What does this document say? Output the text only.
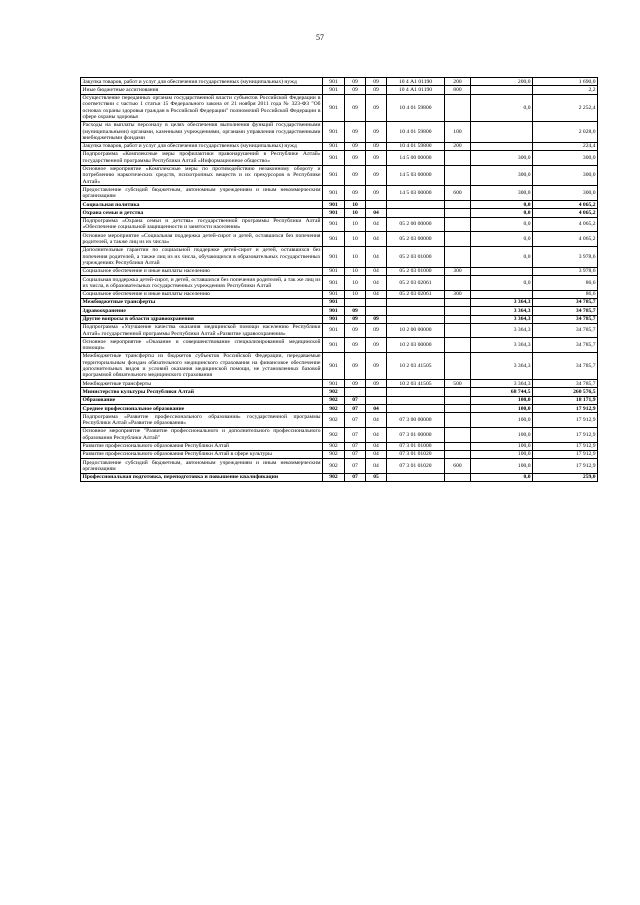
57
Закупка товаров, работ и услуг для обеспечения государственных (муниципальных) нужд	901	09	09	10 4 А1 01190	200	200,0	1 690,0
Иные бюджетные ассигнования	901	09	09	10 4 А1 01190	800		2,2
Осуществление переданных органам государственной власти субъектов Российской Федерации в соответствии с частью 1 статьи 15 Федерального закона от 21 ноября 2011 года № 323-ФЗ "Об основах охраны здоровья граждан в Российской Федерации" полномочий Российской Федерации в сфере охраны здоровья	901	09	09	10 4 01 59800		0,0	2 252,4
Расходы на выплаты персоналу в целях обеспечения выполнения функций государственными (муниципальными) органами, казенными учреждениями, органами управления государственными внебюджетными фондами	901	09	09	10 4 01 59800	100		2 028,0
Закупка товаров, работ и услуг для обеспечения государственных (муниципальных) нужд	901	09	09	10 4 01 59800	200		224,4
Подпрограмма «Комплексные меры профилактики правонарушений в Республике Алтай» государственной программы Республики Алтай «Информационное общество»	901	09	09	14 5 00 00000		300,0	300,0
Основное мероприятие «Комплексные меры по противодействию незаконному обороту и потреблению наркотических средств, психотропных веществ и их прекурсоров в Республике Алтай»	901	09	09	14 5 03 00000		300,0	300,0
Предоставление субсидий бюджетным, автономным учреждениям и иным некоммерческим организациям	901	09	09	14 5 03 00000	600	300,0	300,0
Социальная политика	901	10				0,0	4 065,2
Охрана семьи и детства	901	10	04			0,0	4 065,2
Подпрограмма «Охрана семьи и детства» государственной программы Республики Алтай «Обеспечение социальной защищенности и занятости населения»	901	10	04	05 2 00 00000		0,0	4 065,2
Основное мероприятие «Социальная поддержка детей-сирот и детей, оставшихся без попечения родителей, а также лиц из их числа»	901	10	04	05 2 03 00000		0,0	4 065,2
Дополнительные гарантии по социальной поддержке детей-сирот и детей, оставшихся без попечения родителей, а также лиц из их числа, обучающихся в образовательных государственных учреждениях Республики Алтай	901	10	04	05 2 03 01000		0,0	3 978,6
Социальное обеспечение и иные выплаты населению	901	10	04	05 2 03 01000	300		3 978,6
Социальная поддержка детей-сирот, и детей, оставшихся без попечения родителей, а так же лиц из их числа, в образовательных государственных учреждениях Республики Алтай	901	10	04	05 2 03 02061		0,0	86,6
Социальное обеспечение и иные выплаты населению	901	10	04	05 2 03 02061	300		86,6
Межбюджетные трансферты	901					3 364,3	34 785,7
Здравоохранение	901	09				3 364,3	34 785,7
Другие вопросы в области здравоохранения	901	09	09			3 364,3	34 785,7
Подпрограмма «Улучшение качества оказания медицинской помощи населению Республики Алтай» государственной программы Республики Алтай «Развитие здравоохранения»	901	09	09	10 2 00 00000		3 364,3	34 785,7
Основное мероприятие «Оказание и совершенствование специализированной медицинской помощи»	901	09	09	10 2 03 00000		3 364,3	34 785,7
Межбюджетные трансферты из бюджетов субъектов Российской Федерации, передаваемые территориальным фондам обязательного медицинского страхования на финансовое обеспечение дополнительных видов и условий оказания медицинской помощи, не установленных базовой программой обязательного медицинского страхования	901	09	09	10 2 03 41505		3 364,3	34 785,7
Межбюджетные трансферты	901	09	09	10 2 03 41505	500	3 364,3	34 785,7
Министерство культуры Республики Алтай	902					68 744,5	260 576,5
Образование	902	07				100,0	18 171,9
Среднее профессиональное образование	902	07	04			100,0	17 912,9
Подпрограмма «Развитие профессионального образования» государственной программы Республики Алтай «Развитие образования»	902	07	04	07 3 00 00000		100,0	17 912,9
Основное мероприятие "Развитие профессионального и дополнительного профессионального образования Республики Алтай"	902	07	04	07 3 01 00000		100,0	17 912,9
Развитие профессионального образования Республики Алтай	902	07	04	07 3 01 01000		100,0	17 912,9
Развитие профессионального образования Республики Алтай в сфере культуры	902	07	04	07 3 01 01020		100,0	17 912,9
Предоставление субсидий бюджетным, автономным учреждениям и иным некоммерческим организациям	902	07	04	07 3 01 01020	600	100,0	17 912,9
Профессиональная подготовка, переподготовка и повышение квалификации	902	07	05			0,0	259,0
